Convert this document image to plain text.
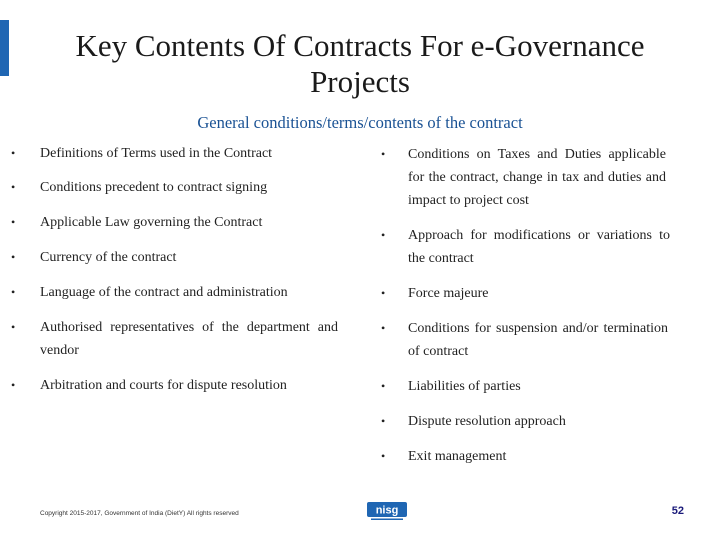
Key Contents Of Contracts For e-Governance
Projects
General conditions/terms/contents of the contract
• Definitions of Terms used in the Contract
• Conditions precedent to contract signing
• Applicable Law governing the Contract
• Currency of the contract
• Language of the contract and administration
• Authorised representatives of the department and vendor
• Arbitration and courts for dispute resolution
• Conditions on Taxes and Duties applicable for the contract, change in tax and duties and impact to project cost
• Approach for modifications or variations to the contract
• Force majeure
• Conditions for suspension and/or termination of contract
• Liabilities of parties
• Dispute resolution approach
• Exit management
Copyright 2015-2017, Government of India (DietY) All rights reserved	nisg	52
